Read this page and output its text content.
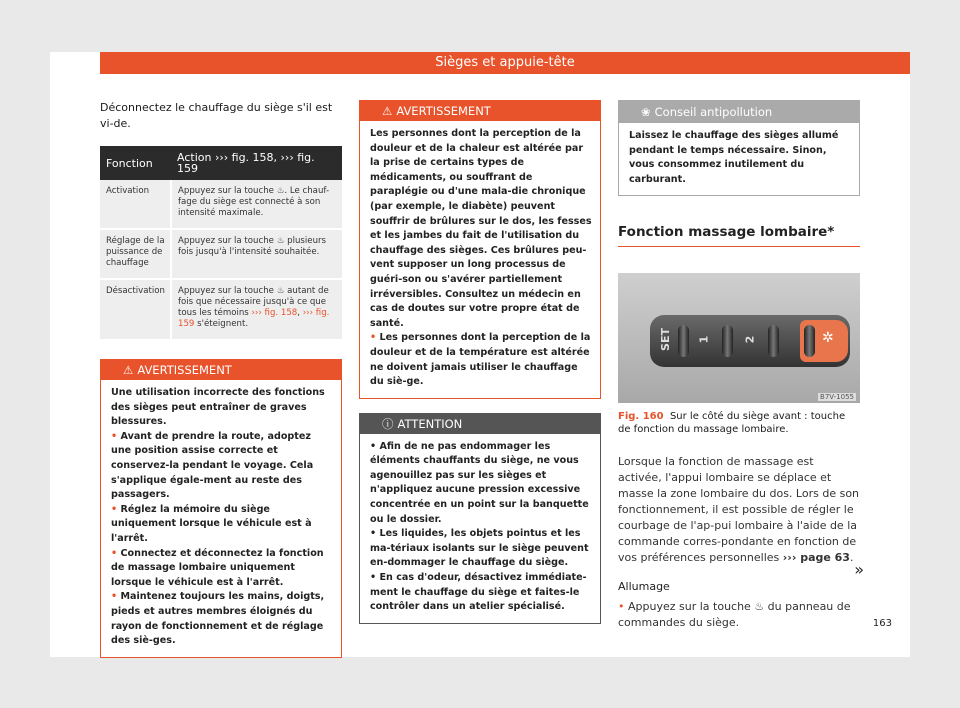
Sièges et appuie-tête
Déconnectez le chauffage du siège s'il est vi-de.
Fonction	Action ››› fig. 158, ››› fig. 159
Activation	Appuyez sur la touche ♨. Le chauf-fage du siège est connecté à son intensité maximale.
Réglage de la puissance de chauffage	Appuyez sur la touche ♨ plusieurs fois jusqu'à l'intensité souhaitée.
Désactivation	Appuyez sur la touche ♨ autant de fois que nécessaire jusqu'à ce que tous les témoins ››› fig. 158, ››› fig. 159 s'éteignent.
⚠ AVERTISSEMENT

Une utilisation incorrecte des fonctions des sièges peut entraîner de graves blessures.

• Avant de prendre la route, adoptez une position assise correcte et conservez-la pendant le voyage. Cela s'applique égale-ment au reste des passagers.

• Réglez la mémoire du siège uniquement lorsque le véhicule est à l'arrêt.

• Connectez et déconnectez la fonction de massage lombaire uniquement lorsque le véhicule est à l'arrêt.

• Maintenez toujours les mains, doigts, pieds et autres membres éloignés du rayon de fonctionnement et de réglage des siè-ges.

⚠ AVERTISSEMENT

Les personnes dont la perception de la douleur et de la chaleur est altérée par la prise de certains types de médicaments, ou souffrant de paraplégie ou d'une mala-die chronique (par exemple, le diabète) peuvent souffrir de brûlures sur le dos, les fesses et les jambes du fait de l'utilisation du chauffage des sièges. Ces brûlures peu-vent supposer un long processus de guéri-son ou s'avérer partiellement irréversibles. Consultez un médecin en cas de doutes sur votre propre état de santé.

• Les personnes dont la perception de la douleur et de la température est altérée ne doivent jamais utiliser le chauffage du siè-ge.

ⓘ ATTENTION

• Afin de ne pas endommager les éléments chauffants du siège, ne vous agenouillez pas sur les sièges et n'appliquez aucune pression excessive concentrée en un point sur la banquette ou le dossier.

• Les liquides, les objets pointus et les ma-tériaux isolants sur le siège peuvent en-dommager le chauffage du siège.

• En cas d'odeur, désactivez immédiate-ment le chauffage du siège et faites-le contrôler dans un atelier spécialisé.

❀ Conseil antipollution
Laissez le chauffage des sièges allumé pendant le temps nécessaire. Sinon, vous consommez inutilement du carburant.
Fonction massage lombaire*
SET 1	2	✲
B7V-1055
Fig. 160 Sur le côté du siège avant : touche de fonction du massage lombaire.
Lorsque la fonction de massage est activée, l'appui lombaire se déplace et masse la zone lombaire du dos. Lors de son fonctionnement, il est possible de régler le courbage de l'ap-pui lombaire à l'aide de la commande corres-pondante en fonction de vos préférences personnelles ››› page 63.
Allumage
• Appuyez sur la touche ♨ du panneau de commandes du siège.
»
163
